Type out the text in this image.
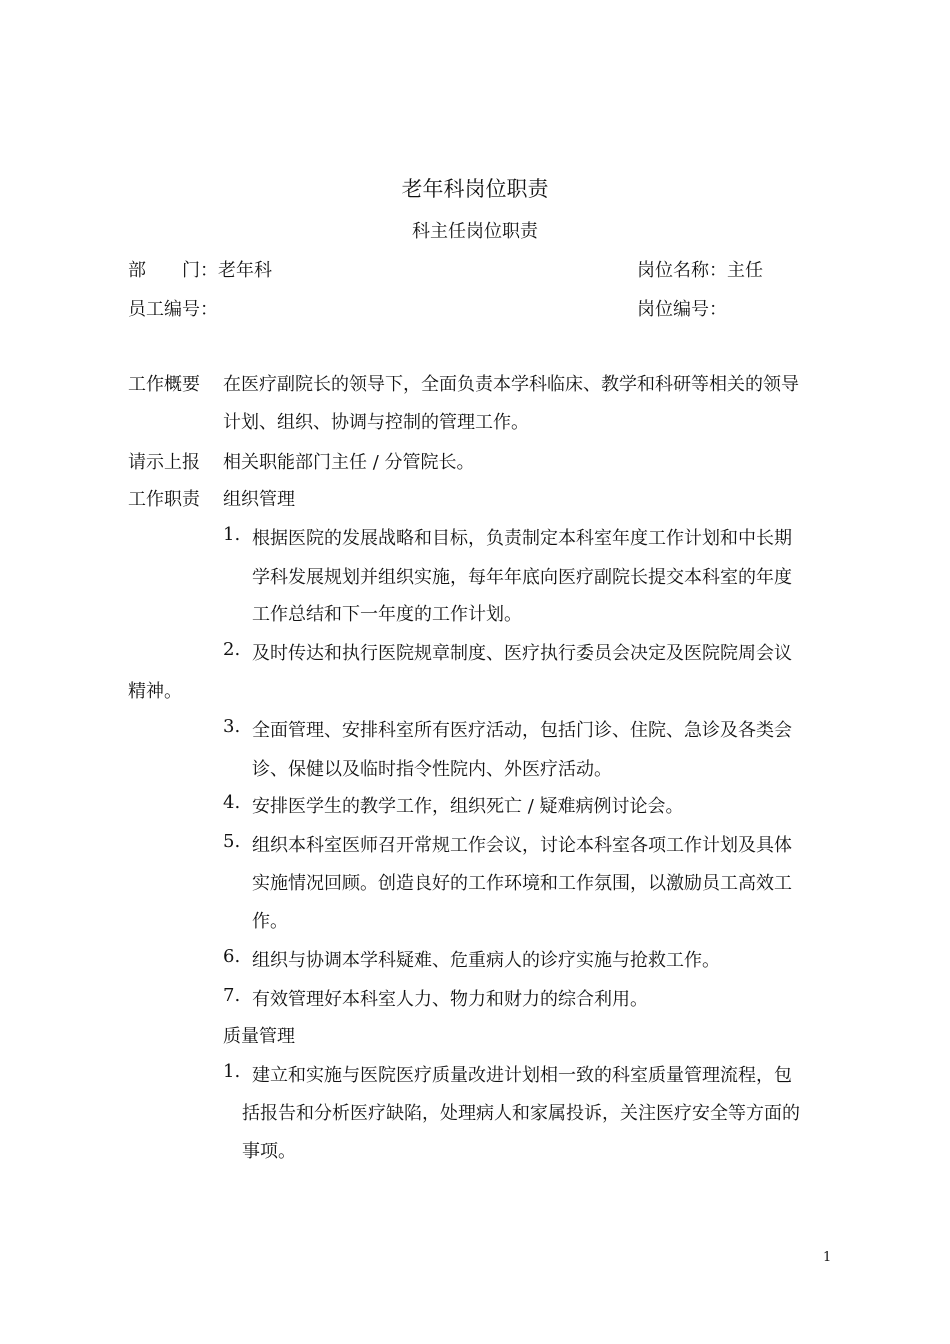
老年科岗位职责
科主任岗位职责
部　　门：老年科	岗位名称：主任
员工编号：	岗位编号：
工作概要 在医疗副院长的领导下，全面负责本学科临床、教学和科研等相关的领导
计划、组织、协调与控制的管理工作。
请示上报 相关职能部门主任 / 分管院长。
工作职责 组织管理
1. 根据医院的发展战略和目标，负责制定本科室年度工作计划和中长期
学科发展规划并组织实施，每年年底向医疗副院长提交本科室的年度
工作总结和下一年度的工作计划。
2. 及时传达和执行医院规章制度、医疗执行委员会决定及医院院周会议
精神。
3. 全面管理、安排科室所有医疗活动，包括门诊、住院、急诊及各类会
诊、保健以及临时指令性院内、外医疗活动。
4. 安排医学生的教学工作，组织死亡 / 疑难病例讨论会。
5. 组织本科室医师召开常规工作会议，讨论本科室各项工作计划及具体
实施情况回顾。创造良好的工作环境和工作氛围，以激励员工高效工
作。
6. 组织与协调本学科疑难、危重病人的诊疗实施与抢救工作。
7. 有效管理好本科室人力、物力和财力的综合利用。
质量管理
1. 建立和实施与医院医疗质量改进计划相一致的科室质量管理流程，包
括报告和分析医疗缺陷，处理病人和家属投诉，关注医疗安全等方面的
事项。
1
